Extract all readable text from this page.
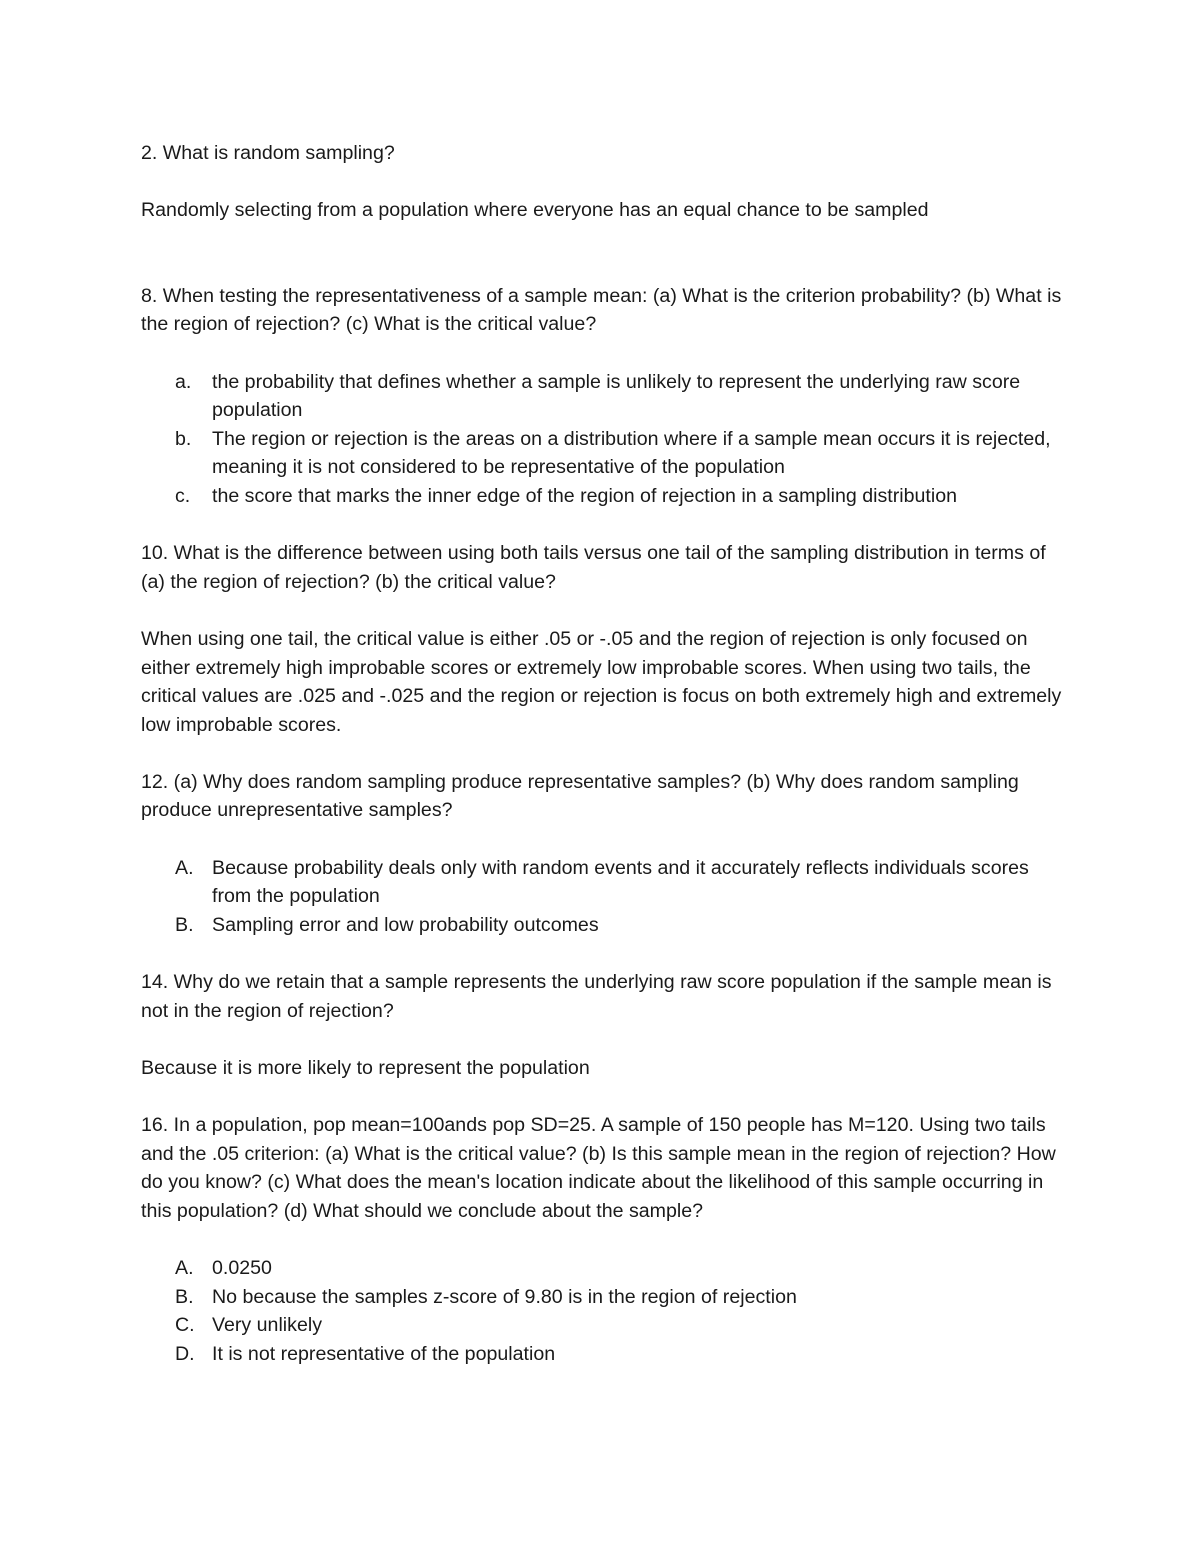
2. What is random sampling?

Randomly selecting from a population where everyone has an equal chance to be sampled

8. When testing the representativeness of a sample mean: (a) What is the criterion probability? (b) What is the region of rejection? (c) What is the critical value?

a. the probability that defines whether a sample is unlikely to represent the underlying raw score population
b. The region or rejection is the areas on a distribution where if a sample mean occurs it is rejected, meaning it is not considered to be representative of the population
c. the score that marks the inner edge of the region of rejection in a sampling distribution

10. What is the difference between using both tails versus one tail of the sampling distribution in terms of (a) the region of rejection? (b) the critical value?

When using one tail, the critical value is either .05 or -.05 and the region of rejection is only focused on either extremely high improbable scores or extremely low improbable scores. When using two tails, the critical values are .025 and -.025 and the region or rejection is focus on both extremely high and extremely low improbable scores.

12. (a) Why does random sampling produce representative samples? (b) Why does random sampling produce unrepresentative samples?

A. Because probability deals only with random events and it accurately reflects individuals scores from the population
B. Sampling error and low probability outcomes

14. Why do we retain that a sample represents the underlying raw score population if the sample mean is not in the region of rejection?

Because it is more likely to represent the population

16. In a population, pop mean=100ands pop SD=25. A sample of 150 people has M=120. Using two tails and the .05 criterion: (a) What is the critical value? (b) Is this sample mean in the region of rejection? How do you know? (c) What does the mean's location indicate about the likelihood of this sample occurring in this population? (d) What should we conclude about the sample?

A. 0.0250
B. No because the samples z-score of 9.80 is in the region of rejection
C. Very unlikely
D. It is not representative of the population
